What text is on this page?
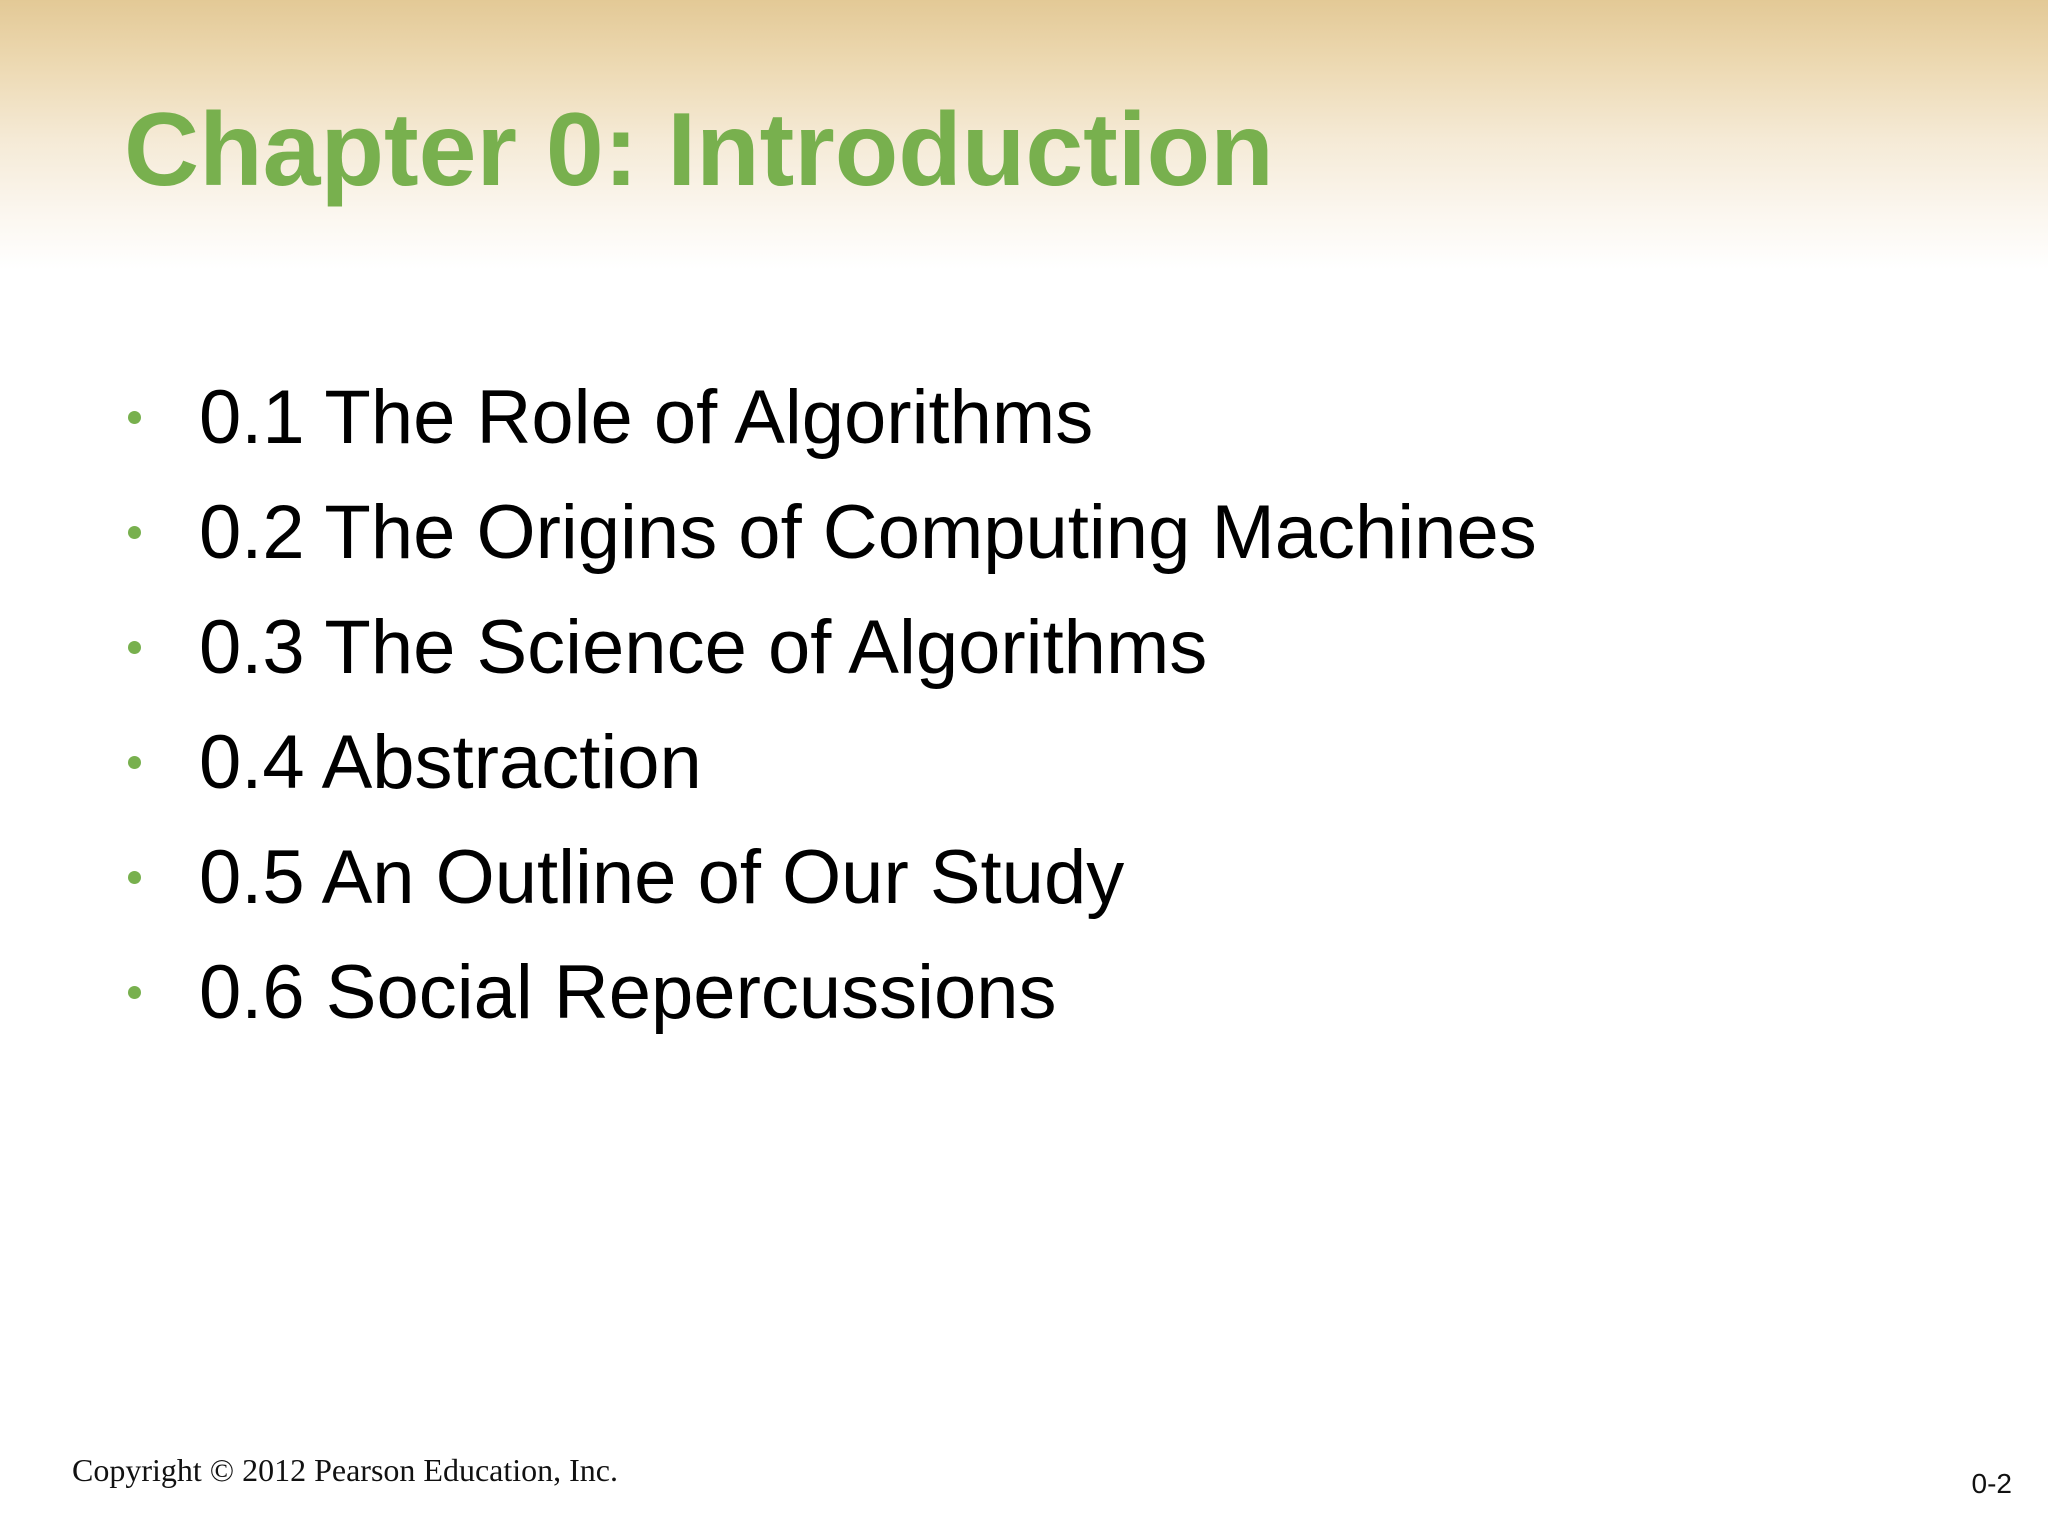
Chapter 0: Introduction
0.1 The Role of Algorithms
0.2 The Origins of Computing Machines
0.3 The Science of Algorithms
0.4 Abstraction
0.5 An Outline of Our Study
0.6 Social Repercussions
Copyright © 2012 Pearson Education, Inc.	0-2
